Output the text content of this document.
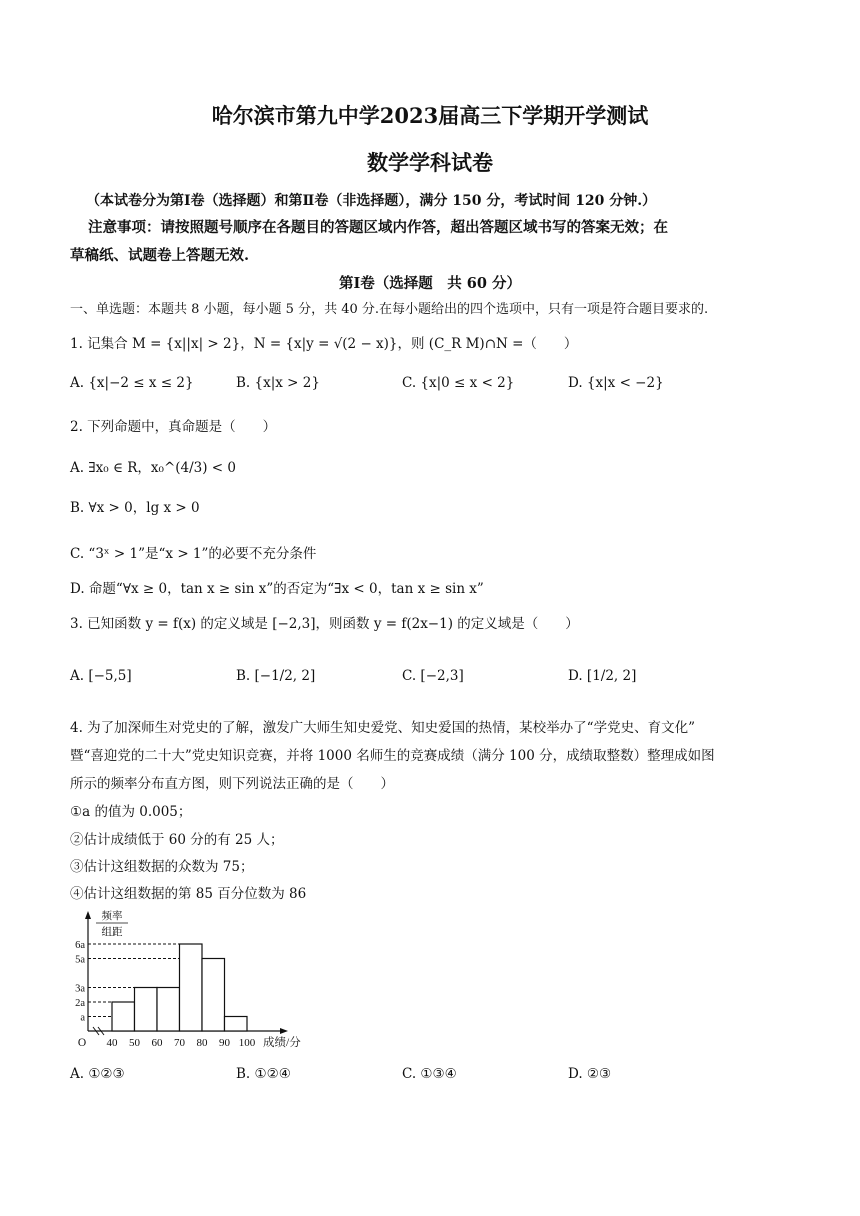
哈尔滨市第九中学2023届高三下学期开学测试
数学学科试卷
（本试卷分为第Ⅰ卷（选择题）和第Ⅱ卷（非选择题），满分 150 分，考试时间 120 分钟.）
注意事项：请按照题号顺序在各题目的答题区域内作答，超出答题区域书写的答案无效；在
草稿纸、试题卷上答题无效.
第Ⅰ卷（选择题　共 60 分）
一、单选题：本题共 8 小题，每小题 5 分，共 40 分.在每小题给出的四个选项中，只有一项是符合题目要求的.
1. 记集合 M = {x||x| > 2}，N = {x|y = √(2 − x)}，则 (C_R M)∩N =（　　）
A. {x|−2 ≤ x ≤ 2}	B. {x|x > 2}	C. {x|0 ≤ x < 2}	D. {x|x < −2}
2. 下列命题中，真命题是（　　）
A. ∃x₀ ∈ R，x₀^(4/3) < 0
B. ∀x > 0，lg x > 0
C. “3ˣ > 1”是“x > 1”的必要不充分条件
D. 命题“∀x ≥ 0，tan x ≥ sin x”的否定为“∃x < 0，tan x ≥ sin x”
3. 已知函数 y = f(x) 的定义域是 [−2,3]，则函数 y = f(2x−1) 的定义域是（　　）
A. [−5,5]	B. [−1/2, 2]	C. [−2,3]	D. [1/2, 2]
4. 为了加深师生对党史的了解，激发广大师生知史爱党、知史爱国的热情，某校举办了“学党史、育文化”
暨“喜迎党的二十大”党史知识竞赛，并将 1000 名师生的竞赛成绩（满分 100 分，成绩取整数）整理成如图
所示的频率分布直方图，则下列说法正确的是（　　）
①a 的值为 0.005；
②估计成绩低于 60 分的有 25 人；
③估计这组数据的众数为 75；
④估计这组数据的第 85 百分位数为 86
a
2a
3a
5a
6a
40 50 60 70 80 90 100
O	成绩/分
频率
组距
A. ①②③	B. ①②④	C. ①③④	D. ②③
